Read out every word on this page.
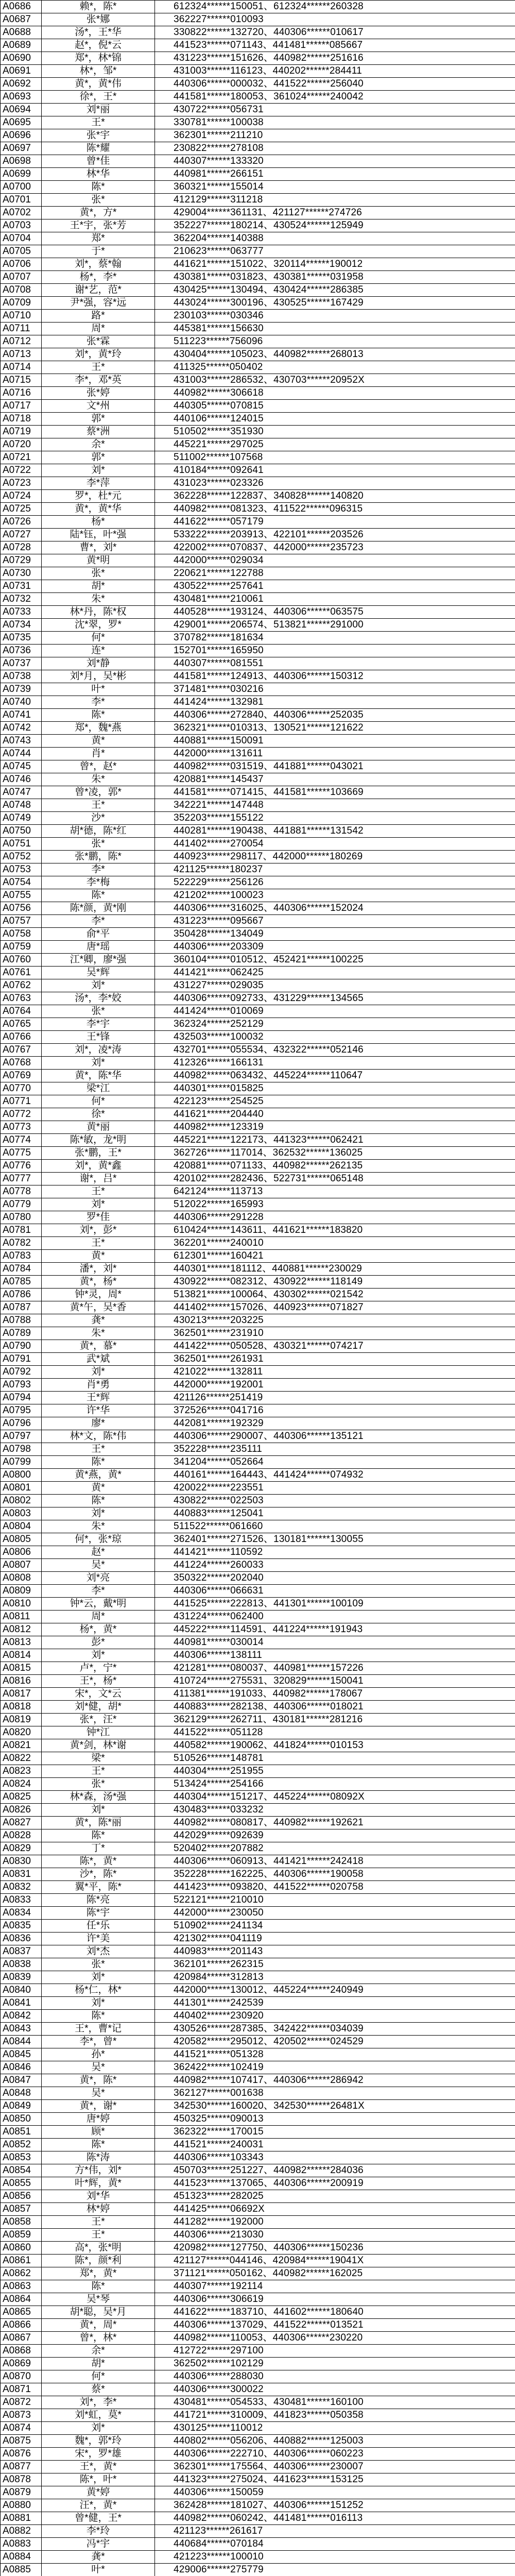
A0686	赖*，陈*	612324******150051、612324******260328
A0687	张*娜	362227******010093
A0688	汤*，王*华	330822******132720、440306******010617
A0689	赵*，倪*云	441523******071143、441481******085667
A0690	郑*，林*锦	431223******151626、440982******251616
A0691	林*，邹*	431003******116123、440202******284411
A0692	黄*，黄*伟	440306******000032、441522******256040
A0693	徐*，王*	441581******180053、361024******240042
A0694	刘*丽	430722******056731
A0695	王*	330781******100038
A0696	张*宇	362301******211210
A0697	陈*耀	230822******278108
A0698	曾*佳	440307******133320
A0699	林*华	440981******266151
A0700	陈*	360321******155014
A0701	张*	412129******311218
A0702	黄*，方*	429004******361131、421127******274726
A0703	王*宇，张*芳	352227******180214、430524******125949
A0704	郑*	362204******140388
A0705	于*	210623******063777
A0706	刘*，蔡*翰	441621******151022、320114******190012
A0707	杨*，李*	430381******031823、430381******031958
A0708	谢*艺，范*	430425******130494、430424******286385
A0709	尹*强，容*远	443024******300196、430525******167429
A0710	路*	230103******030346
A0711	周*	445381******156630
A0712	张*霖	511223******756096
A0713	刘*，黄*玲	430404******105023、440982******268013
A0714	王*	411325******050402
A0715	李*，邓*英	431003******286532、430703******20952X
A0716	张*婷	440982******306618
A0717	文*州	440305******070815
A0718	郭*	440106******124015
A0719	蔡*洲	510502******351930
A0720	余*	445221******297025
A0721	郭*	511002******107568
A0722	刘*	410184******092641
A0723	李*萍	431023******023326
A0724	罗*，杜*元	362228******122837、340828******140820
A0725	黄*，黄*华	440982******081323、411522******096315
A0726	杨*	441622******057179
A0727	陆*钰，叶*强	533222******203913、422101******203526
A0728	曹*，刘*	422002******070837、442000******235723
A0729	黄*明	442000******029034
A0730	张*	220621******122788
A0731	胡*	430522******257641
A0732	朱*	430481******210061
A0733	林*丹，陈*权	440528******193124、440306******063575
A0734	沈*翠，罗*	429001******206574、513821******291000
A0735	何*	370782******181634
A0736	连*	152701******165950
A0737	刘*静	440307******081551
A0738	刘*月，吴*彬	441581******124913、440306******150312
A0739	叶*	371481******030216
A0740	李*	441424******132981
A0741	陈*	440306******272840、440306******252035
A0742	郑*，魏*燕	362321******010313、130521******121622
A0743	黄*	440881******150091
A0744	肖*	442000******131611
A0745	曾*，赵*	440982******031519、441881******043021
A0746	朱*	420881******145437
A0747	曾*凌，郭*	441581******071415、441581******103669
A0748	王*	342221******147448
A0749	沙*	352203******155122
A0750	胡*德，陈*红	440281******190438、441881******131542
A0751	张*	441402******270054
A0752	张*鹏，陈*	440923******298117、442000******180269
A0753	李*	421125******180237
A0754	李*梅	522229******256126
A0755	陈*	421202******100023
A0756	陈*颜，黄*刚	440306******316025、440306******152024
A0757	李*	431223******095667
A0758	俞*平	350428******134049
A0759	唐*瑶	440306******203309
A0760	江*卿，廖*强	360104******010512、452421******100225
A0761	吴*辉	441421******062425
A0762	刘*	431227******029035
A0763	汤*，李*姣	440306******092733、431229******134565
A0764	张*	441424******010069
A0765	李*宇	362324******252129
A0766	王*锋	432503******100032
A0767	刘*，凌*涛	432701******055534、432322******052146
A0768	刘*	412326******166131
A0769	黄*，陈*华	440982******063432、445224******110647
A0770	梁*江	440301******015825
A0771	何*	422123******254525
A0772	徐*	441621******204440
A0773	黄*丽	440982******123319
A0774	陈*敏，龙*明	445221******122173、441323******062421
A0775	张*鹏，王*	362726******117014、362532******136025
A0776	刘*，黄*鑫	420881******071133、440982******262135
A0777	谢*，吕*	420102******282436、522731******065148
A0778	王*	642124******113713
A0779	刘*	512022******165993
A0780	罗*佳	440306******291228
A0781	刘*，彭*	610424******143611、441621******183820
A0782	王*	362201******240010
A0783	黄*	612301******160421
A0784	潘*，刘*	440301******181112、440881******230029
A0785	黄*，杨*	430922******082312、430922******118149
A0786	钟*灵，周*	513821******100064、430302******021542
A0787	黄*午，吴*香	441402******157026、440923******071827
A0788	龚*	430213******203225
A0789	朱*	362501******231910
A0790	黄*，慕*	441422******050528、430321******074217
A0791	武*斌	362501******261931
A0792	刘*	421022******132811
A0793	肖*勇	442000******192001
A0794	王*辉	421126******251419
A0795	许*华	372526******041716
A0796	廖*	442081******192329
A0797	林*文，陈*伟	440306******290007、440306******135121
A0798	王*	352228******235111
A0799	陈*	341204******052664
A0800	黄*燕，黄*	440161******164443、441424******074932
A0801	黄*	420022******223551
A0802	陈*	430822******022503
A0803	刘*	440883******125041
A0804	朱*	511522******061660
A0805	何*，张*琼	362401******271526、130181******130055
A0806	赵*	441421******110592
A0807	吴*	441224******260033
A0808	刘*亮	350322******202040
A0809	李*	440306******066631
A0810	钟*云，戴*明	441525******222813、441301******100109
A0811	周*	431224******062400
A0812	杨*，黄*	445222******114591、441224******191943
A0813	彭*	440981******030014
A0814	刘*	440306******138111
A0815	卢*，宁*	421281******080037、440981******157226
A0816	王*，杨*	410724******275531、320829******150041
A0817	宋*，文*云	411381******191033、440982******178067
A0818	刘*健，胡*	440883******282138、440306******018021
A0819	张*，汪*	362129******262711、430181******281216
A0820	钟*江	441522******051128
A0821	黄*剑，林*谢	440582******190062、441824******010153
A0822	梁*	510526******148781
A0823	王*	440304******251955
A0824	张*	513424******254166
A0825	林*森，汤*强	440304******151217、445224******08092X
A0826	刘*	430483******033232
A0827	黄*，陈*丽	440982******080817、440982******192621
A0828	陈*	442029******092639
A0829	丁*	520402******207882
A0830	陈*，黄*	440306******060913、441421******242418
A0831	沙*，陈*	352228******162225、440306******190058
A0832	翼*平，陈*	441423******093820、441522******020758
A0833	陈*亮	522121******210010
A0834	陈*宇	442000******230050
A0835	任*乐	510902******241134
A0836	许*美	421302******041119
A0837	刘*杰	440983******201143
A0838	张*	362101******262315
A0839	刘*	420984******312813
A0840	杨*仁，林*	442000******130012、445224******240949
A0841	刘*	441301******242539
A0842	陈*	440402******230920
A0843	王*，曹*记	430526******287385、342422******034039
A0844	李*，曾*	420582******295012、420502******024529
A0845	孙*	441521******051328
A0846	吴*	362422******102419
A0847	黄*，陈*	440982******107417、440306******286942
A0848	吴*	362127******001638
A0849	黄*，谢*	342530******160020、342530******26481X
A0850	唐*婷	450325******090013
A0851	顾*	362322******170015
A0852	陈*	441521******240031
A0853	陈*涛	440306******103343
A0854	方*伟，刘*	450703******251227、440982******284036
A0855	叶*辉，黄*	441523******137065、440306******200919
A0856	刘*华	451323******282025
A0857	林*婷	441425******06692X
A0858	王*	441282******192000
A0859	王*	440306******213030
A0860	高*，张*明	420982******127750、440306******150236
A0861	陈*，颜*利	421127******044146、420984******19041X
A0862	郑*，黄*	371121******050162、440982******162025
A0863	陈*	440307******192114
A0864	吴*琴	440306******306619
A0865	胡*聪，吴*月	441622******183710、441602******180640
A0866	黄*，周*	440306******137029、441522******013521
A0867	曾*，林*	440982******110053、440306******230220
A0868	余*	412722******297100
A0869	胡*	362502******102129
A0870	何*	440306******288030
A0871	蔡*	440306******300022
A0872	刘*，李*	430481******054533、430481******160100
A0873	刘*虹，莫*	441721******310009、441823******050358
A0874	刘*	430125******110012
A0875	魏*，郭*玲	440802******056206、440882******125003
A0876	宋*，罗*雄	440306******222710、440306******060223
A0877	王*，黄*	362301******175564、440306******230007
A0878	陈*，叶*	441323******275024、441623******153125
A0879	黄*婷	440306******150059
A0880	汪*，黄*	362428******181027、440306******151252
A0881	曾*健，王*	440982******060242、441481******016113
A0882	李*玲	421123******261617
A0883	冯*宇	440684******070184
A0884	龚*	421223******100010
A0885	叶*	429006******275779
